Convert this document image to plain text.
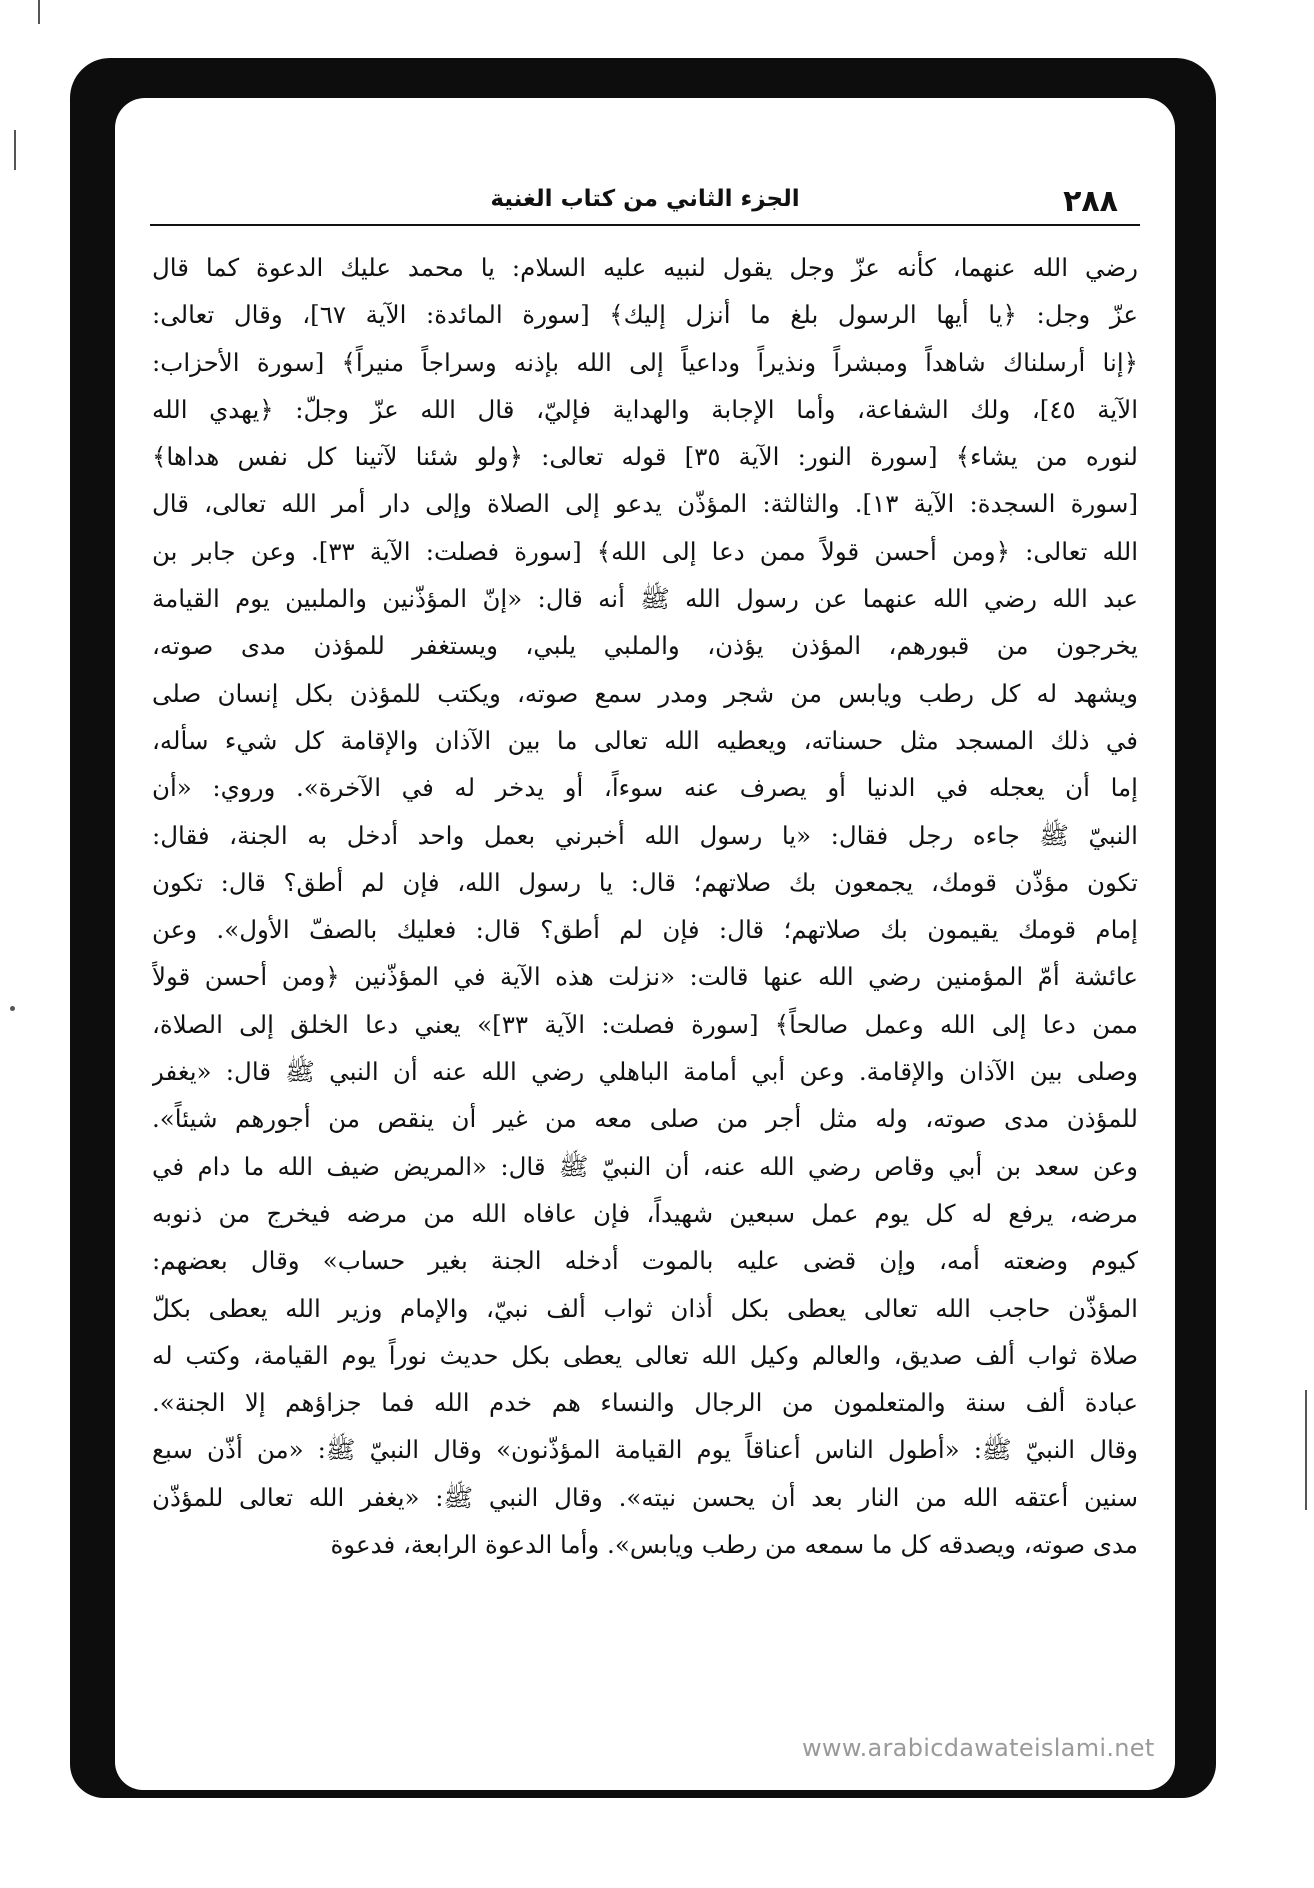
٢٨٨
الجزء الثاني من كتاب الغنية
رضي الله عنهما، كأنه عزّ وجل يقول لنبيه عليه السلام: يا محمد عليك الدعوة كما قال
عزّ وجل: ﴿يا أيها الرسول بلغ ما أنزل إليك﴾ [سورة المائدة: الآية ٦٧]، وقال تعالى:
﴿إنا أرسلناك شاهداً ومبشراً ونذيراً وداعياً إلى الله بإذنه وسراجاً منيراً﴾ [سورة الأحزاب:
الآية ٤٥]، ولك الشفاعة، وأما الإجابة والهداية فإليّ، قال الله عزّ وجلّ: ﴿يهدي الله
لنوره من يشاء﴾ [سورة النور: الآية ٣٥] قوله تعالى: ﴿ولو شئنا لآتينا كل نفس هداها﴾
[سورة السجدة: الآية ١٣]. والثالثة: المؤذّن يدعو إلى الصلاة وإلى دار أمر الله تعالى، قال
الله تعالى: ﴿ومن أحسن قولاً ممن دعا إلى الله﴾ [سورة فصلت: الآية ٣٣]. وعن جابر بن
عبد الله رضي الله عنهما عن رسول الله ﷺ أنه قال: «إنّ المؤذّنين والملبين يوم القيامة
يخرجون من قبورهم، المؤذن يؤذن، والملبي يلبي، ويستغفر للمؤذن مدى صوته،
ويشهد له كل رطب ويابس من شجر ومدر سمع صوته، ويكتب للمؤذن بكل إنسان صلى
في ذلك المسجد مثل حسناته، ويعطيه الله تعالى ما بين الآذان والإقامة كل شيء سأله،
إما أن يعجله في الدنيا أو يصرف عنه سوءاً، أو يدخر له في الآخرة». وروي: «أن
النبيّ ﷺ جاءه رجل فقال: «يا رسول الله أخبرني بعمل واحد أدخل به الجنة، فقال:
تكون مؤذّن قومك، يجمعون بك صلاتهم؛ قال: يا رسول الله، فإن لم أطق؟ قال: تكون
إمام قومك يقيمون بك صلاتهم؛ قال: فإن لم أطق؟ قال: فعليك بالصفّ الأول». وعن
عائشة أمّ المؤمنين رضي الله عنها قالت: «نزلت هذه الآية في المؤذّنين ﴿ومن أحسن قولاً
ممن دعا إلى الله وعمل صالحاً﴾ [سورة فصلت: الآية ٣٣]» يعني دعا الخلق إلى الصلاة،
وصلى بين الآذان والإقامة. وعن أبي أمامة الباهلي رضي الله عنه أن النبي ﷺ قال: «يغفر
للمؤذن مدى صوته، وله مثل أجر من صلى معه من غير أن ينقص من أجورهم شيئاً».
وعن سعد بن أبي وقاص رضي الله عنه، أن النبيّ ﷺ قال: «المريض ضيف الله ما دام في
مرضه، يرفع له كل يوم عمل سبعين شهيداً، فإن عافاه الله من مرضه فيخرج من ذنوبه
كيوم وضعته أمه، وإن قضى عليه بالموت أدخله الجنة بغير حساب» وقال بعضهم:
المؤذّن حاجب الله تعالى يعطى بكل أذان ثواب ألف نبيّ، والإمام وزير الله يعطى بكلّ
صلاة ثواب ألف صديق، والعالم وكيل الله تعالى يعطى بكل حديث نوراً يوم القيامة، وكتب له
عبادة ألف سنة والمتعلمون من الرجال والنساء هم خدم الله فما جزاؤهم إلا الجنة».
وقال النبيّ ﷺ: «أطول الناس أعناقاً يوم القيامة المؤذّنون» وقال النبيّ ﷺ: «من أذّن سبع
سنين أعتقه الله من النار بعد أن يحسن نيته». وقال النبي ﷺ: «يغفر الله تعالى للمؤذّن
مدى صوته، ويصدقه كل ما سمعه من رطب ويابس». وأما الدعوة الرابعة، فدعوة
www.arabicdawateislami.net
